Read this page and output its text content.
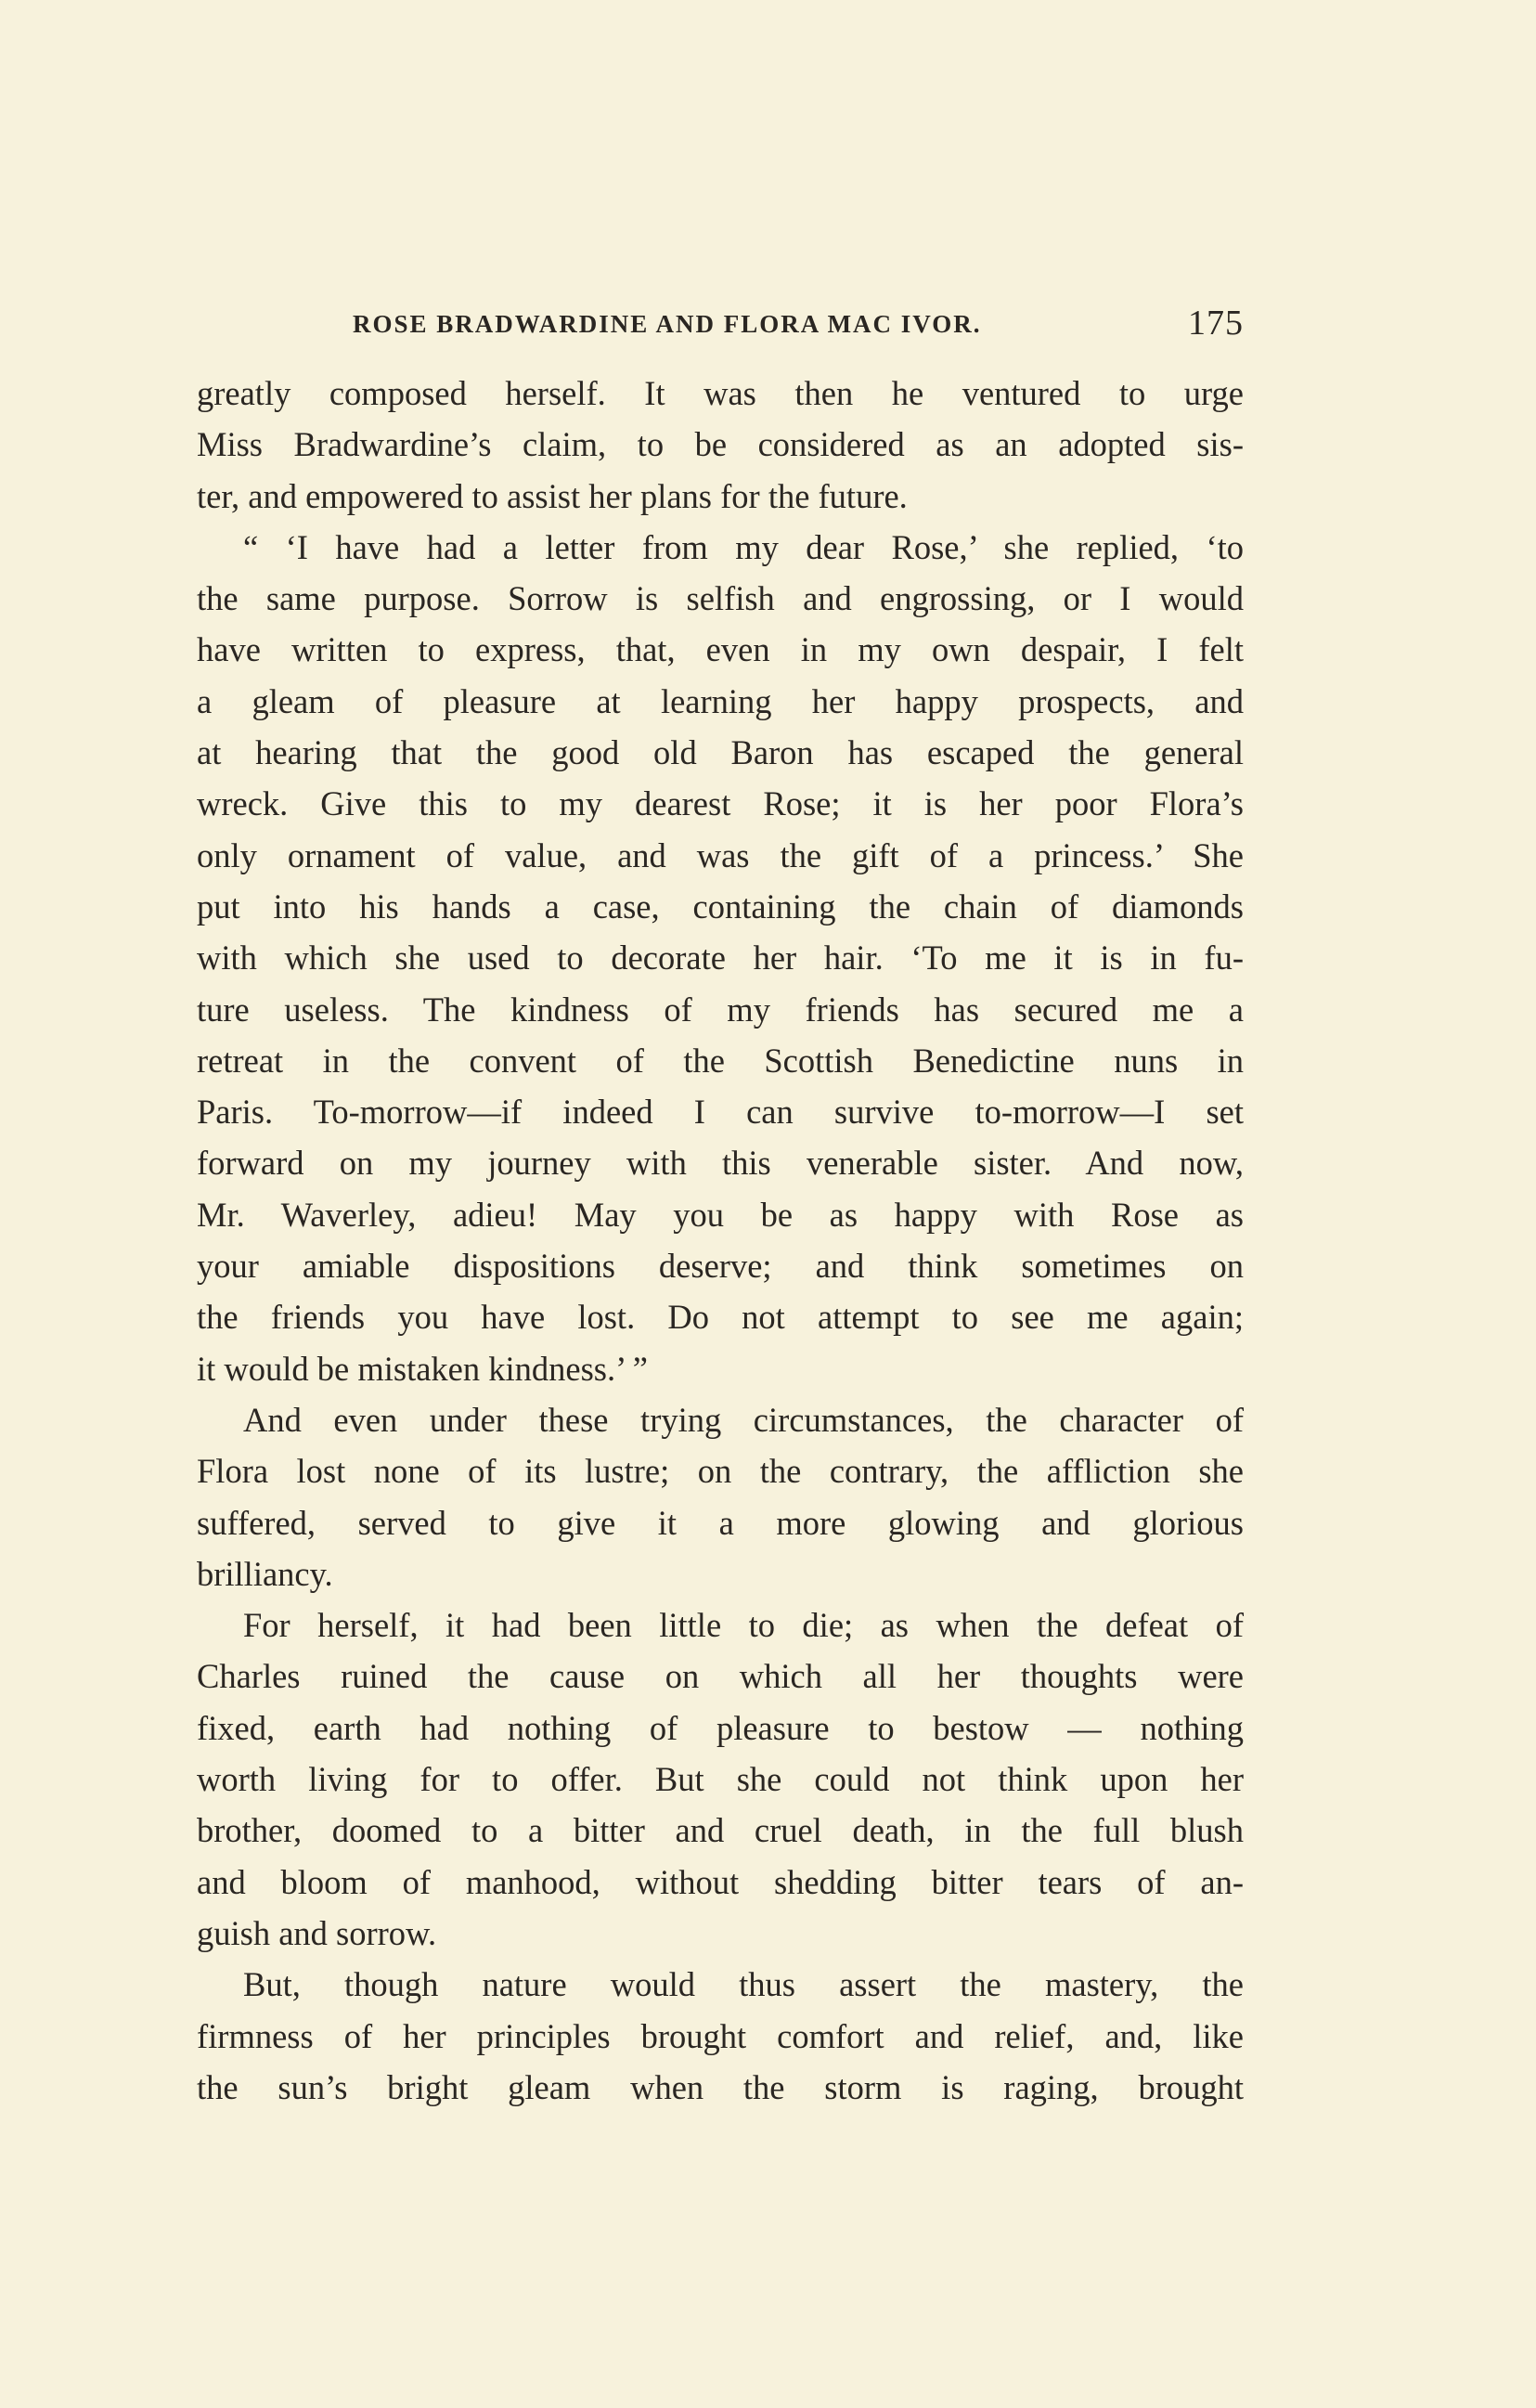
ROSE BRADWARDINE AND FLORA MAC IVOR.	175
greatly composed herself. It was then he ventured to urge
Miss Bradwardine’s claim, to be considered as an adopted sis-
ter, and empowered to assist her plans for the future.
“ ‘I have had a letter from my dear Rose,’ she replied, ‘to
the same purpose. Sorrow is selfish and engrossing, or I would
have written to express, that, even in my own despair, I felt
a gleam of pleasure at learning her happy prospects, and
at hearing that the good old Baron has escaped the general
wreck. Give this to my dearest Rose; it is her poor Flora’s
only ornament of value, and was the gift of a princess.’ She
put into his hands a case, containing the chain of diamonds
with which she used to decorate her hair. ‘To me it is in fu-
ture useless. The kindness of my friends has secured me a
retreat in the convent of the Scottish Benedictine nuns in
Paris. To-morrow—if indeed I can survive to-morrow—I set
forward on my journey with this venerable sister. And now,
Mr. Waverley, adieu! May you be as happy with Rose as
your amiable dispositions deserve; and think sometimes on
the friends you have lost. Do not attempt to see me again;
it would be mistaken kindness.’ ”
And even under these trying circumstances, the character of
Flora lost none of its lustre; on the contrary, the affliction she
suffered, served to give it a more glowing and glorious
brilliancy.
For herself, it had been little to die; as when the defeat of
Charles ruined the cause on which all her thoughts were
fixed, earth had nothing of pleasure to bestow — nothing
worth living for to offer. But she could not think upon her
brother, doomed to a bitter and cruel death, in the full blush
and bloom of manhood, without shedding bitter tears of an-
guish and sorrow.
But, though nature would thus assert the mastery, the
firmness of her principles brought comfort and relief, and, like
the sun’s bright gleam when the storm is raging, brought
